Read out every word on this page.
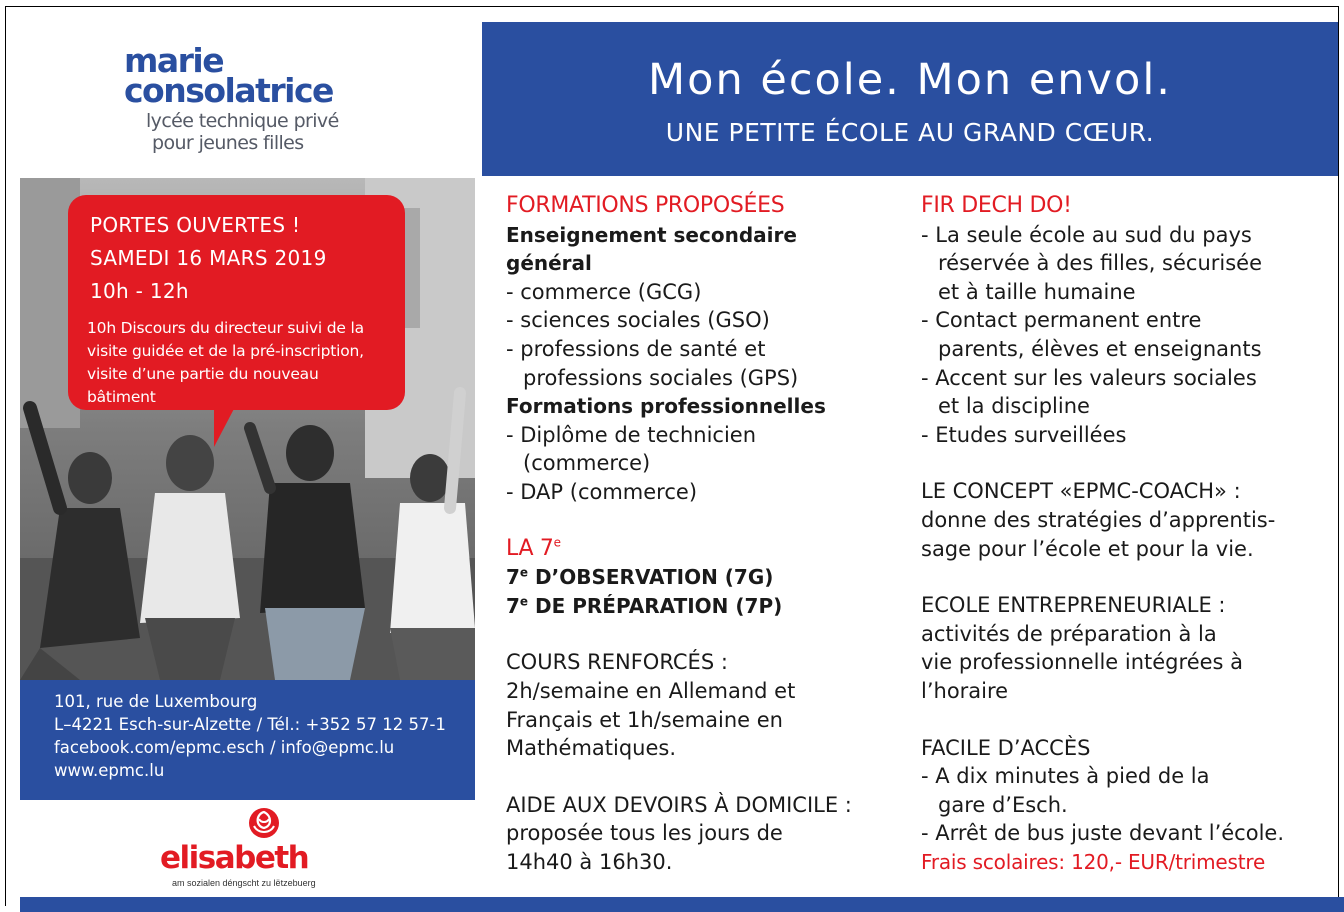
marie
consolatrice
lycée technique privé
pour jeunes filles
Mon école. Mon envol.
UNE PETITE ÉCOLE AU GRAND CŒUR.
PORTES OUVERTES !
SAMEDI 16 MARS 2019
10h - 12h
10h Discours du directeur suivi de la
visite guidée et de la pré-inscription,
visite d’une partie du nouveau
bâtiment
101, rue de Luxembourg
L–4221 Esch-sur-Alzette / Tél.: +352 57 12 57-1
facebook.com/epmc.esch / info@epmc.lu
www.epmc.lu
elisabeth
am sozialen déngscht zu lëtzebuerg
FORMATIONS PROPOSÉES
Enseignement secondaire
général
- commerce (GCG)
- sciences sociales (GSO)
- professions de santé et
professions sociales (GPS)
Formations professionnelles
- Diplôme de technicien
(commerce)
- DAP (commerce)
LA 7e
7e D’OBSERVATION (7G)
7e DE PRÉPARATION (7P)
COURS RENFORCÉS :
2h/semaine en Allemand et
Français et 1h/semaine en
Mathématiques.
AIDE AUX DEVOIRS À DOMICILE :
proposée tous les jours de
14h40 à 16h30.
FIR DECH DO!
- La seule école au sud du pays
réservée à des filles, sécurisée
et à taille humaine
- Contact permanent entre
parents, élèves et enseignants
- Accent sur les valeurs sociales
et la discipline
- Etudes surveillées
LE CONCEPT «EPMC-COACH» :
donne des stratégies d’apprentis-
sage pour l’école et pour la vie.
ECOLE ENTREPRENEURIALE :
activités de préparation à la
vie professionnelle intégrées à
l’horaire
FACILE D’ACCÈS
- A dix minutes à pied de la
gare d’Esch.
- Arrêt de bus juste devant l’école.
Frais scolaires: 120,- EUR/trimestre
